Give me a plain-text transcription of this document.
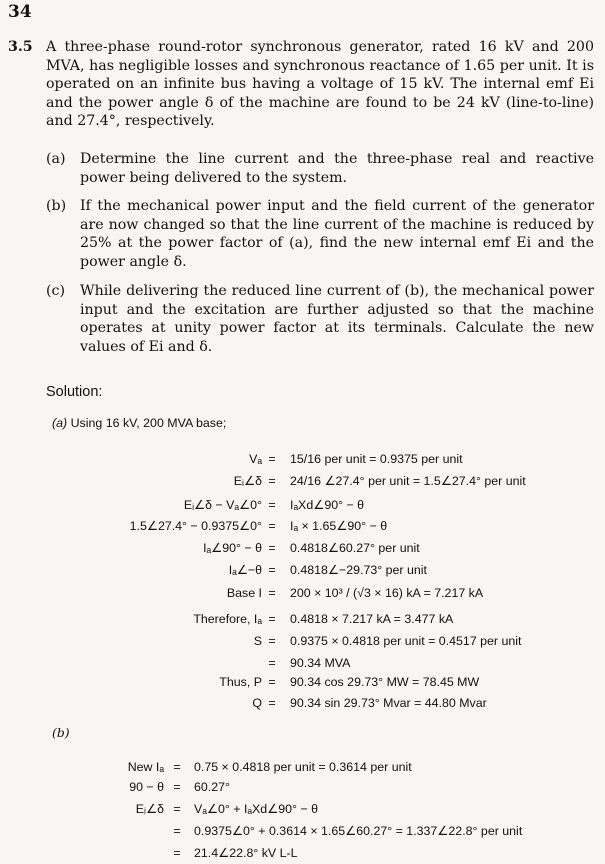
34
3.5 A three-phase round-rotor synchronous generator, rated 16 kV and 200 MVA, has negligible losses and synchronous reactance of 1.65 per unit. It is operated on an infinite bus having a voltage of 15 kV. The internal emf Ei and the power angle δ of the machine are found to be 24 kV (line-to-line) and 27.4°, respectively.
(a) Determine the line current and the three-phase real and reactive power being delivered to the system.
(b) If the mechanical power input and the field current of the generator are now changed so that the line current of the machine is reduced by 25% at the power factor of (a), find the new internal emf Ei and the power angle δ.
(c) While delivering the reduced line current of (b), the mechanical power input and the excitation are further adjusted so that the machine operates at unity power factor at its terminals. Calculate the new values of Ei and δ.
Solution:
(a) Using 16 kV, 200 MVA base;
Vₐ = 15/16 per unit = 0.9375 per unit
Eᵢ∠δ = 24/16 ∠27.4° per unit = 1.5∠27.4° per unit
Eᵢ∠δ − Vₐ∠0° = IₐXd∠90° − θ
1.5∠27.4° − 0.9375∠0° = Iₐ × 1.65∠90° − θ
Iₐ∠90° − θ = 0.4818∠60.27° per unit
Iₐ∠−θ = 0.4818∠−29.73° per unit
Base I = 200 × 10³ / (√3 × 16) kA = 7.217 kA
Therefore, Iₐ = 0.4818 × 7.217 kA = 3.477 kA
S = 0.9375 × 0.4818 per unit = 0.4517 per unit
= 90.34 MVA
Thus, P = 90.34 cos 29.73° MW = 78.45 MW
Q = 90.34 sin 29.73° Mvar = 44.80 Mvar
(b)
New Iₐ = 0.75 × 0.4818 per unit = 0.3614 per unit
90 − θ = 60.27°
Eᵢ∠δ = Vₐ∠0° + IₐXd∠90° − θ
= 0.9375∠0° + 0.3614 × 1.65∠60.27° = 1.337∠22.8° per unit
= 21.4∠22.8° kV L-L
